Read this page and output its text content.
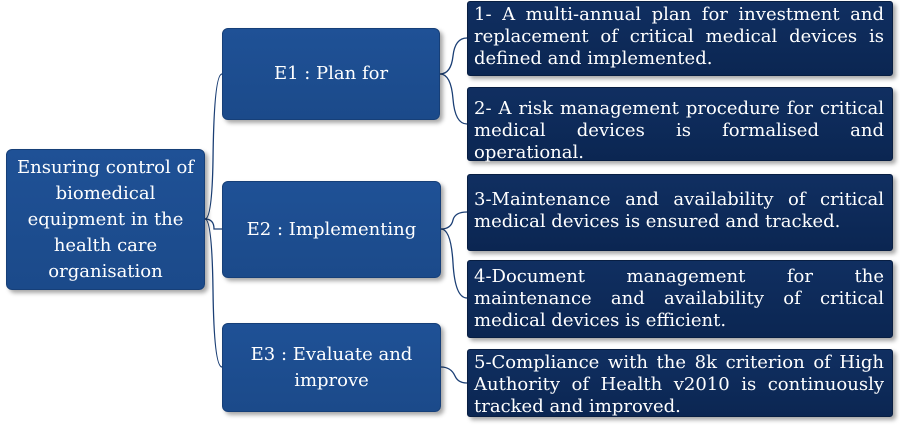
Ensuring control of biomedical equipment in the health care organisation
E1 : Plan for
E2 : Implementing
E3 : Evaluate and improve
1- A multi-annual plan for investment and replacement of critical medical devices is defined and implemented.
2- A risk management procedure for critical medical devices is formalised and operational.
3-Maintenance and availability of critical medical devices is ensured and tracked.
4-Document management for the maintenance and availability of critical medical devices is efficient.
5-Compliance with the 8k criterion of High Authority of Health v2010 is continuously tracked and improved.
